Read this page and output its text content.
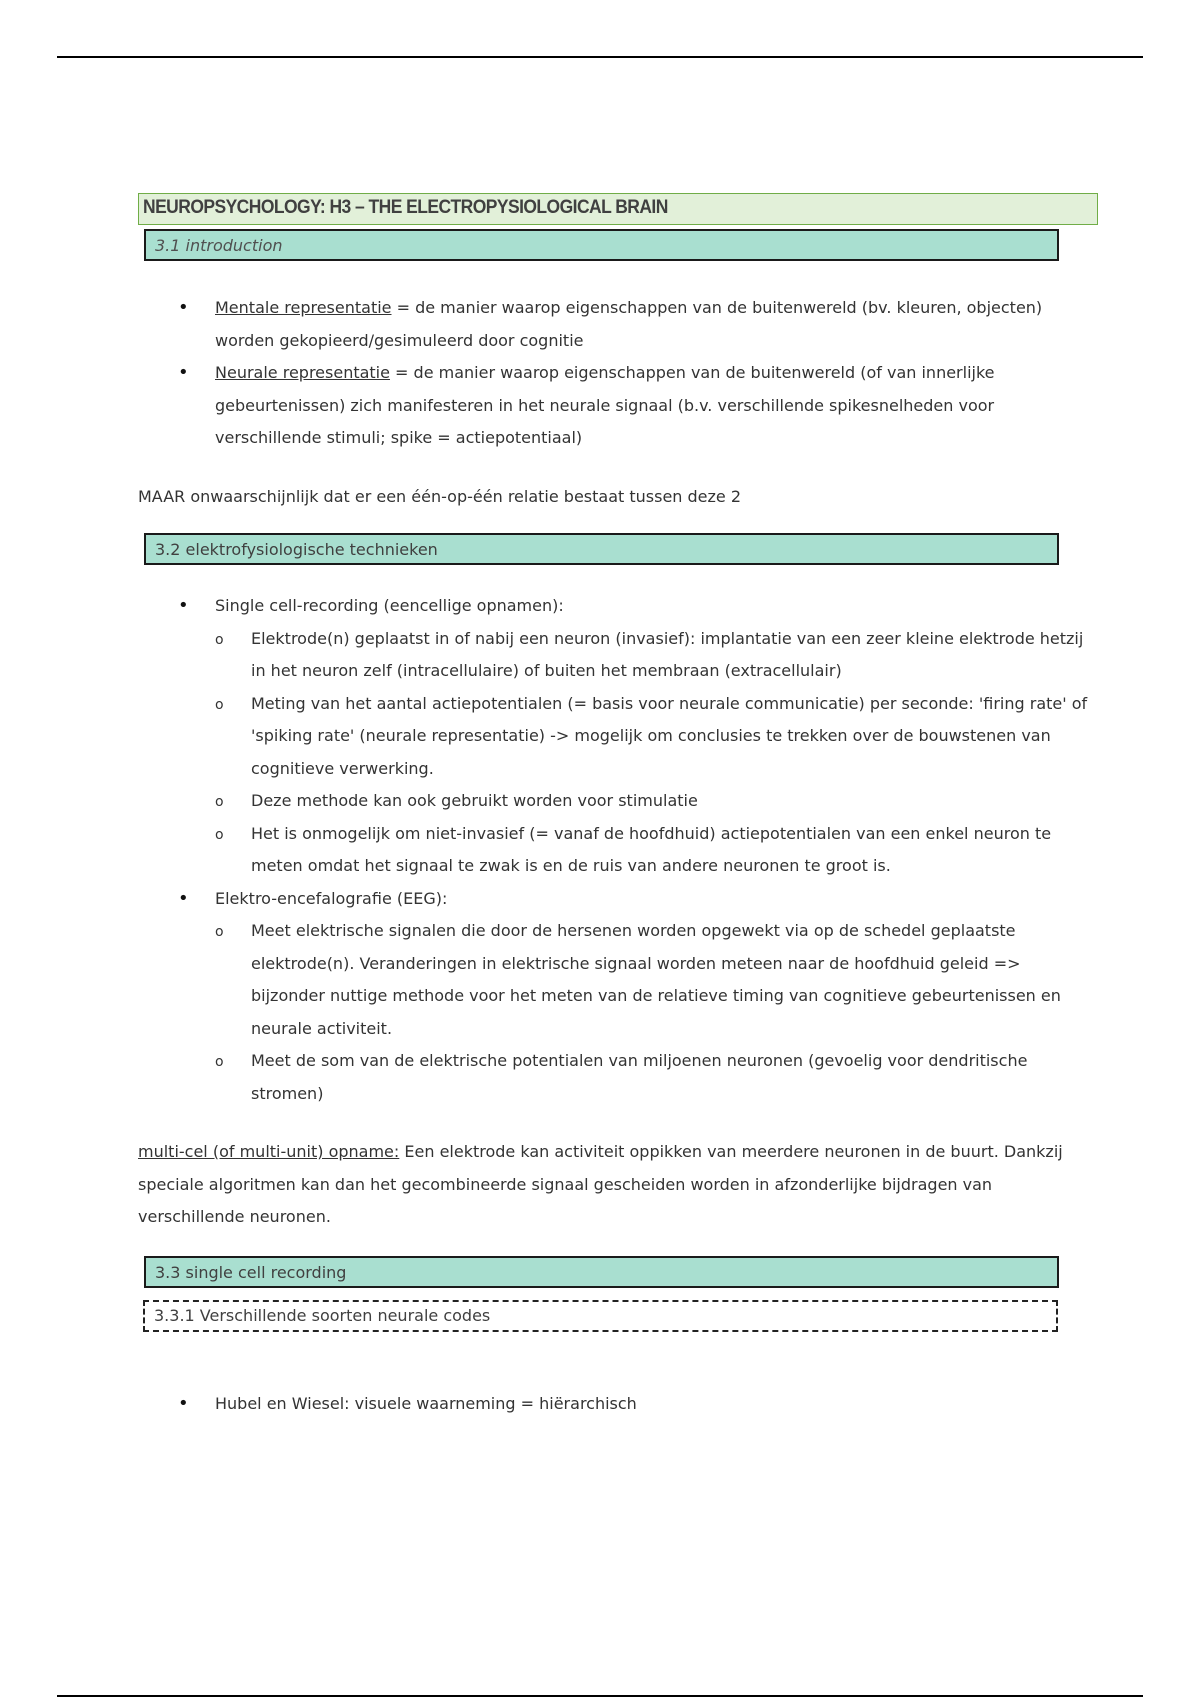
NEUROPSYCHOLOGY: H3 – THE ELECTROPYSIOLOGICAL BRAIN
3.1 introduction
• Mentale representatie = de manier waarop eigenschappen van de buitenwereld (bv. kleuren, objecten) worden gekopieerd/gesimuleerd door cognitie
• Neurale representatie = de manier waarop eigenschappen van de buitenwereld (of van innerlijke gebeurtenissen) zich manifesteren in het neurale signaal (b.v. verschillende spikesnelheden voor verschillende stimuli; spike = actiepotentiaal)

MAAR onwaarschijnlijk dat er een één-op-één relatie bestaat tussen deze 2

3.2 elektrofysiologische technieken
• Single cell-recording (eencellige opnamen):
o Elektrode(n) geplaatst in of nabij een neuron (invasief): implantatie van een zeer kleine elektrode hetzij in het neuron zelf (intracellulaire) of buiten het membraan (extracellulair)
o Meting van het aantal actiepotentialen (= basis voor neurale communicatie) per seconde: 'firing rate' of 'spiking rate' (neurale representatie) -> mogelijk om conclusies te trekken over de bouwstenen van cognitieve verwerking.
o Deze methode kan ook gebruikt worden voor stimulatie
o Het is onmogelijk om niet-invasief (= vanaf de hoofdhuid) actiepotentialen van een enkel neuron te meten omdat het signaal te zwak is en de ruis van andere neuronen te groot is.
• Elektro-encefalografie (EEG):
o Meet elektrische signalen die door de hersenen worden opgewekt via op de schedel geplaatste elektrode(n). Veranderingen in elektrische signaal worden meteen naar de hoofdhuid geleid => bijzonder nuttige methode voor het meten van de relatieve timing van cognitieve gebeurtenissen en neurale activiteit.
o Meet de som van de elektrische potentialen van miljoenen neuronen (gevoelig voor dendritische stromen)

multi-cel (of multi-unit) opname: Een elektrode kan activiteit oppikken van meerdere neuronen in de buurt. Dankzij speciale algoritmen kan dan het gecombineerde signaal gescheiden worden in afzonderlijke bijdragen van verschillende neuronen.

3.3 single cell recording
3.3.1 Verschillende soorten neurale codes
• Hubel en Wiesel: visuele waarneming = hiërarchisch
